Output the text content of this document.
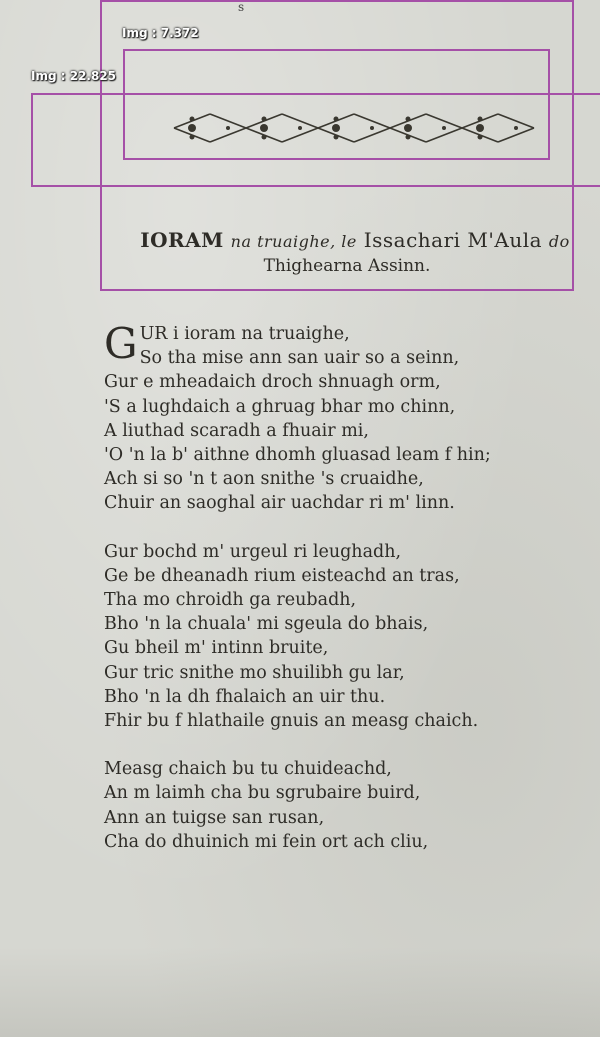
s
IORAM na truaighe, le Issachari M'Aula do
Thighearna Assinn.
G UR i ioram na truaighe,
So tha mise ann san uair so a seinn,
Gur e mheadaich droch shnuagh orm,
'S a lughdaich a ghruag bhar mo chinn,
A liuthad scaradh a fhuair mi,
'O 'n la b' aithne dhomh gluasad leam f hin;
Ach si so 'n t aon snithe 's cruaidhe,
Chuir an saoghal air uachdar ri m' linn.
Gur bochd m' urgeul ri leughadh,
Ge be dheanadh rium eisteachd an tras,
Tha mo chroidh ga reubadh,
Bho 'n la chuala' mi sgeula do bhais,
Gu bheil m' intinn bruite,
Gur tric snithe mo shuilibh gu lar,
Bho 'n la dh fhalaich an uir thu.
Fhir bu f hlathaile gnuis an measg chaich.
Measg chaich bu tu chuideachd,
An m laimh cha bu sgrubaire buird,
Ann an tuigse san rusan,
Cha do dhuinich mi fein ort ach cliu,
Img : 7.372
Img : 22.825
